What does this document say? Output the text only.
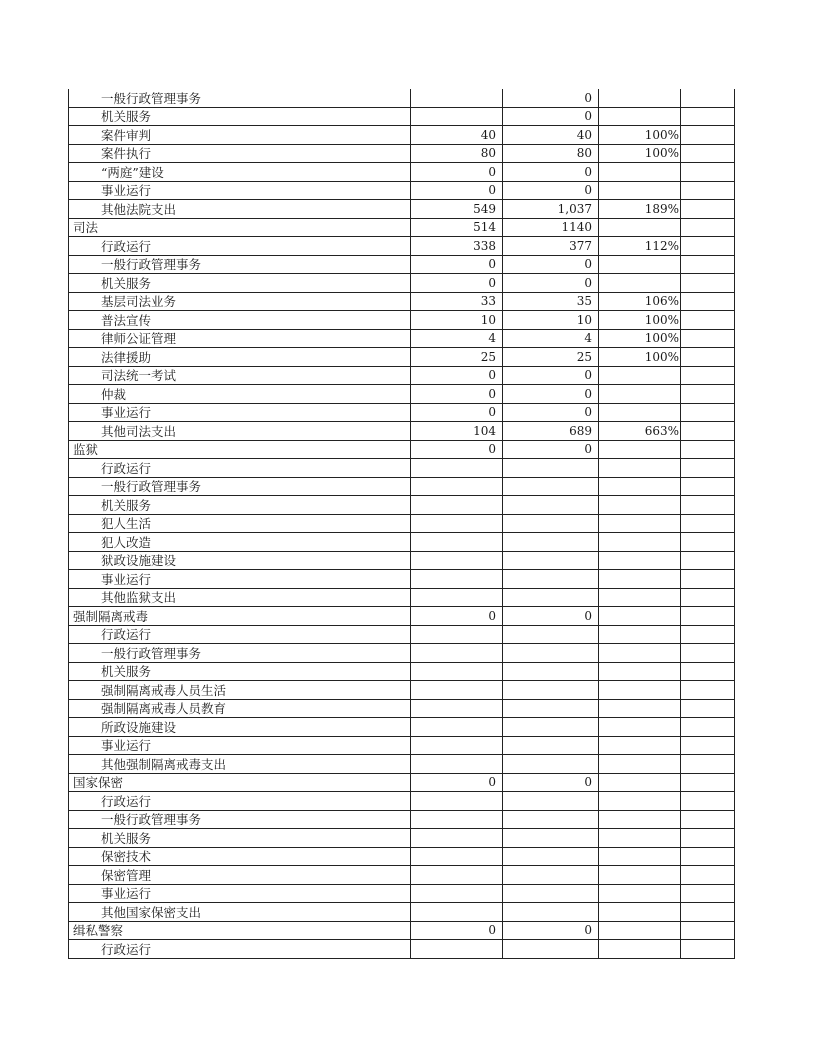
一般行政管理事务		0		
机关服务		0		
案件审判	40	40	100%	
案件执行	80	80	100%	
“两庭”建设	0	0		
事业运行	0	0		
其他法院支出	549	1,037	189%	
司法	514	1140		
行政运行	338	377	112%	
一般行政管理事务	0	0		
机关服务	0	0		
基层司法业务	33	35	106%	
普法宣传	10	10	100%	
律师公证管理	4	4	100%	
法律援助	25	25	100%	
司法统一考试	0	0		
仲裁	0	0		
事业运行	0	0		
其他司法支出	104	689	663%	
监狱	0	0		
行政运行				
一般行政管理事务				
机关服务				
犯人生活				
犯人改造				
狱政设施建设				
事业运行				
其他监狱支出				
强制隔离戒毒	0	0		
行政运行				
一般行政管理事务				
机关服务				
强制隔离戒毒人员生活				
强制隔离戒毒人员教育				
所政设施建设				
事业运行				
其他强制隔离戒毒支出				
国家保密	0	0		
行政运行				
一般行政管理事务				
机关服务				
保密技术				
保密管理				
事业运行				
其他国家保密支出				
缉私警察	0	0		
行政运行				
